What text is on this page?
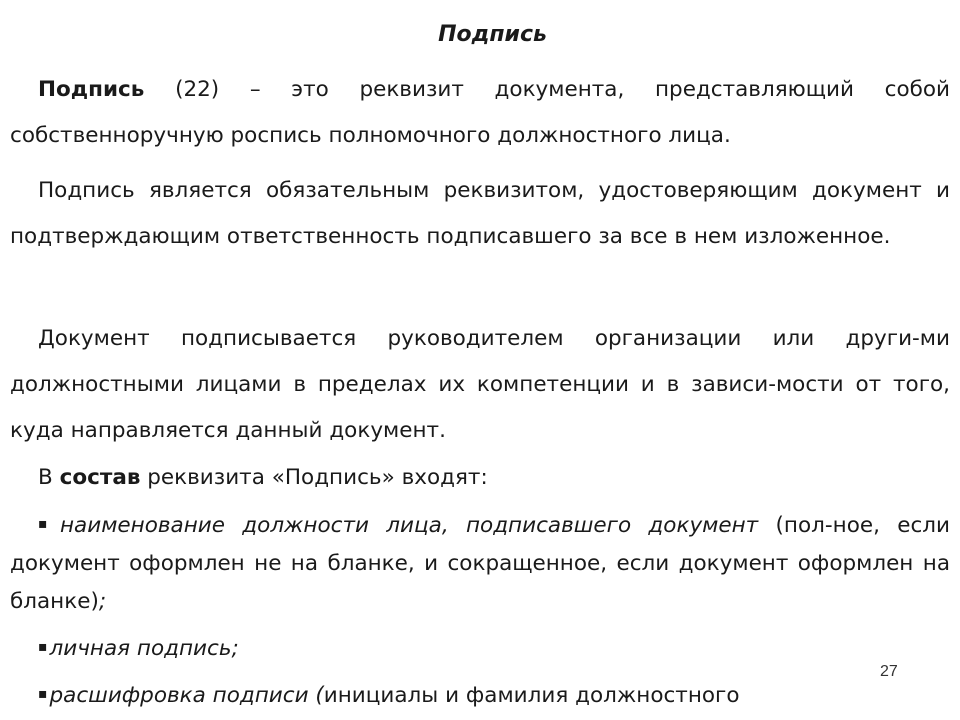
Подпись

Подпись (22) – это реквизит документа, представляющий собой собственноручную роспись полномочного должностного лица.

Подпись является обязательным реквизитом, удостоверяющим документ и подтверждающим ответственность подписавшего за все в нем изложенное.

Документ подписывается руководителем организации или други-ми должностными лицами в пределах их компетенции и в зависи-мости от того, куда направляется данный документ.

В состав реквизита «Подпись» входят:

▪наименование должности лица, подписавшего документ (пол-ное, если документ оформлен не на бланке, и сокращенное, если документ оформлен на бланке);

▪личная подпись;

▪расшифровка подписи (инициалы и фамилия должностного

27
